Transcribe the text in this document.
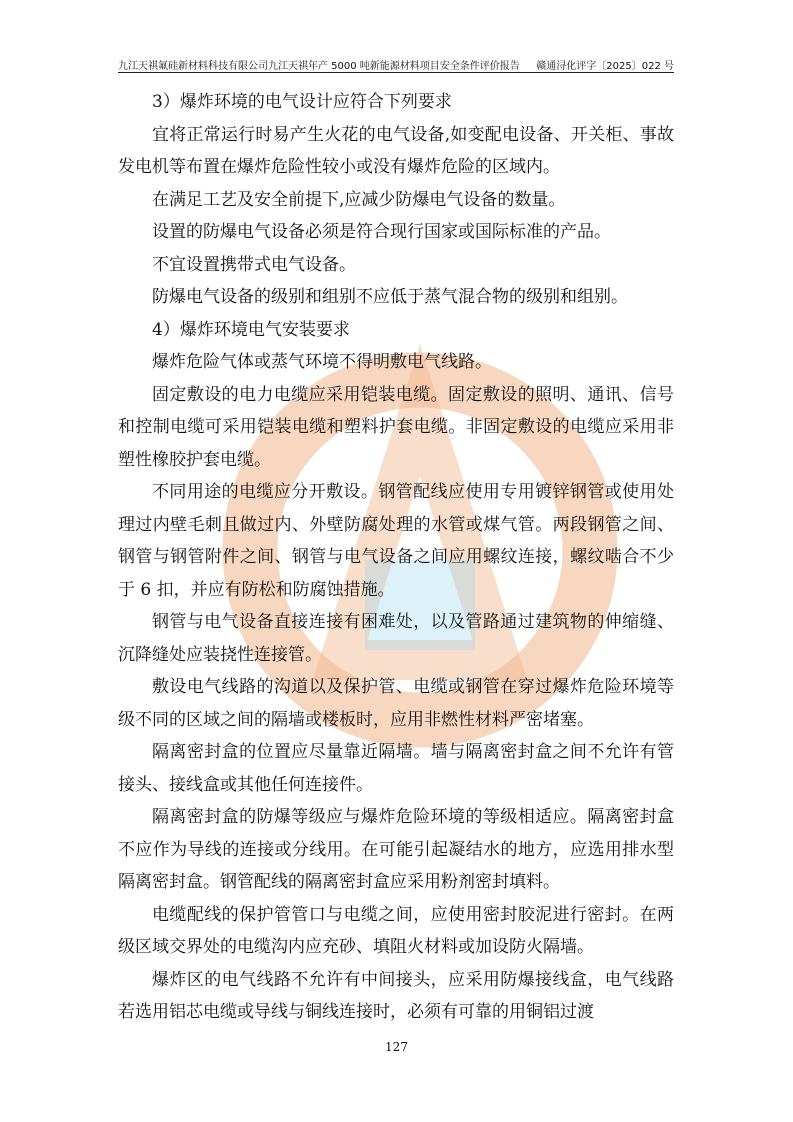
九江天祺氟硅新材料科技有限公司九江天祺年产 5000 吨新能源材料项目安全条件评价报告 赣通浔化评字〔2025〕022 号

3）爆炸环境的电气设计应符合下列要求

宜将正常运行时易产生火花的电气设备,如变配电设备、开关柜、事故发电机等布置在爆炸危险性较小或没有爆炸危险的区域内。

在满足工艺及安全前提下,应减少防爆电气设备的数量。

设置的防爆电气设备必须是符合现行国家或国际标准的产品。

不宜设置携带式电气设备。

防爆电气设备的级别和组别不应低于蒸气混合物的级别和组别。

4）爆炸环境电气安装要求

爆炸危险气体或蒸气环境不得明敷电气线路。

固定敷设的电力电缆应采用铠装电缆。固定敷设的照明、通讯、信号和控制电缆可采用铠装电缆和塑料护套电缆。非固定敷设的电缆应采用非塑性橡胶护套电缆。

不同用途的电缆应分开敷设。钢管配线应使用专用镀锌钢管或使用处理过内壁毛刺且做过内、外壁防腐处理的水管或煤气管。两段钢管之间、钢管与钢管附件之间、钢管与电气设备之间应用螺纹连接，螺纹啮合不少于 6 扣，并应有防松和防腐蚀措施。

钢管与电气设备直接连接有困难处，以及管路通过建筑物的伸缩缝、沉降缝处应装挠性连接管。

敷设电气线路的沟道以及保护管、电缆或钢管在穿过爆炸危险环境等级不同的区域之间的隔墙或楼板时，应用非燃性材料严密堵塞。

隔离密封盒的位置应尽量靠近隔墙。墙与隔离密封盒之间不允许有管接头、接线盒或其他任何连接件。

隔离密封盒的防爆等级应与爆炸危险环境的等级相适应。隔离密封盒不应作为导线的连接或分线用。在可能引起凝结水的地方，应选用排水型隔离密封盒。钢管配线的隔离密封盒应采用粉剂密封填料。

电缆配线的保护管管口与电缆之间，应使用密封胶泥进行密封。在两级区域交界处的电缆沟内应充砂、填阻火材料或加设防火隔墙。

爆炸区的电气线路不允许有中间接头，应采用防爆接线盒，电气线路若选用铝芯电缆或导线与铜线连接时，必须有可靠的用铜铝过渡

127
